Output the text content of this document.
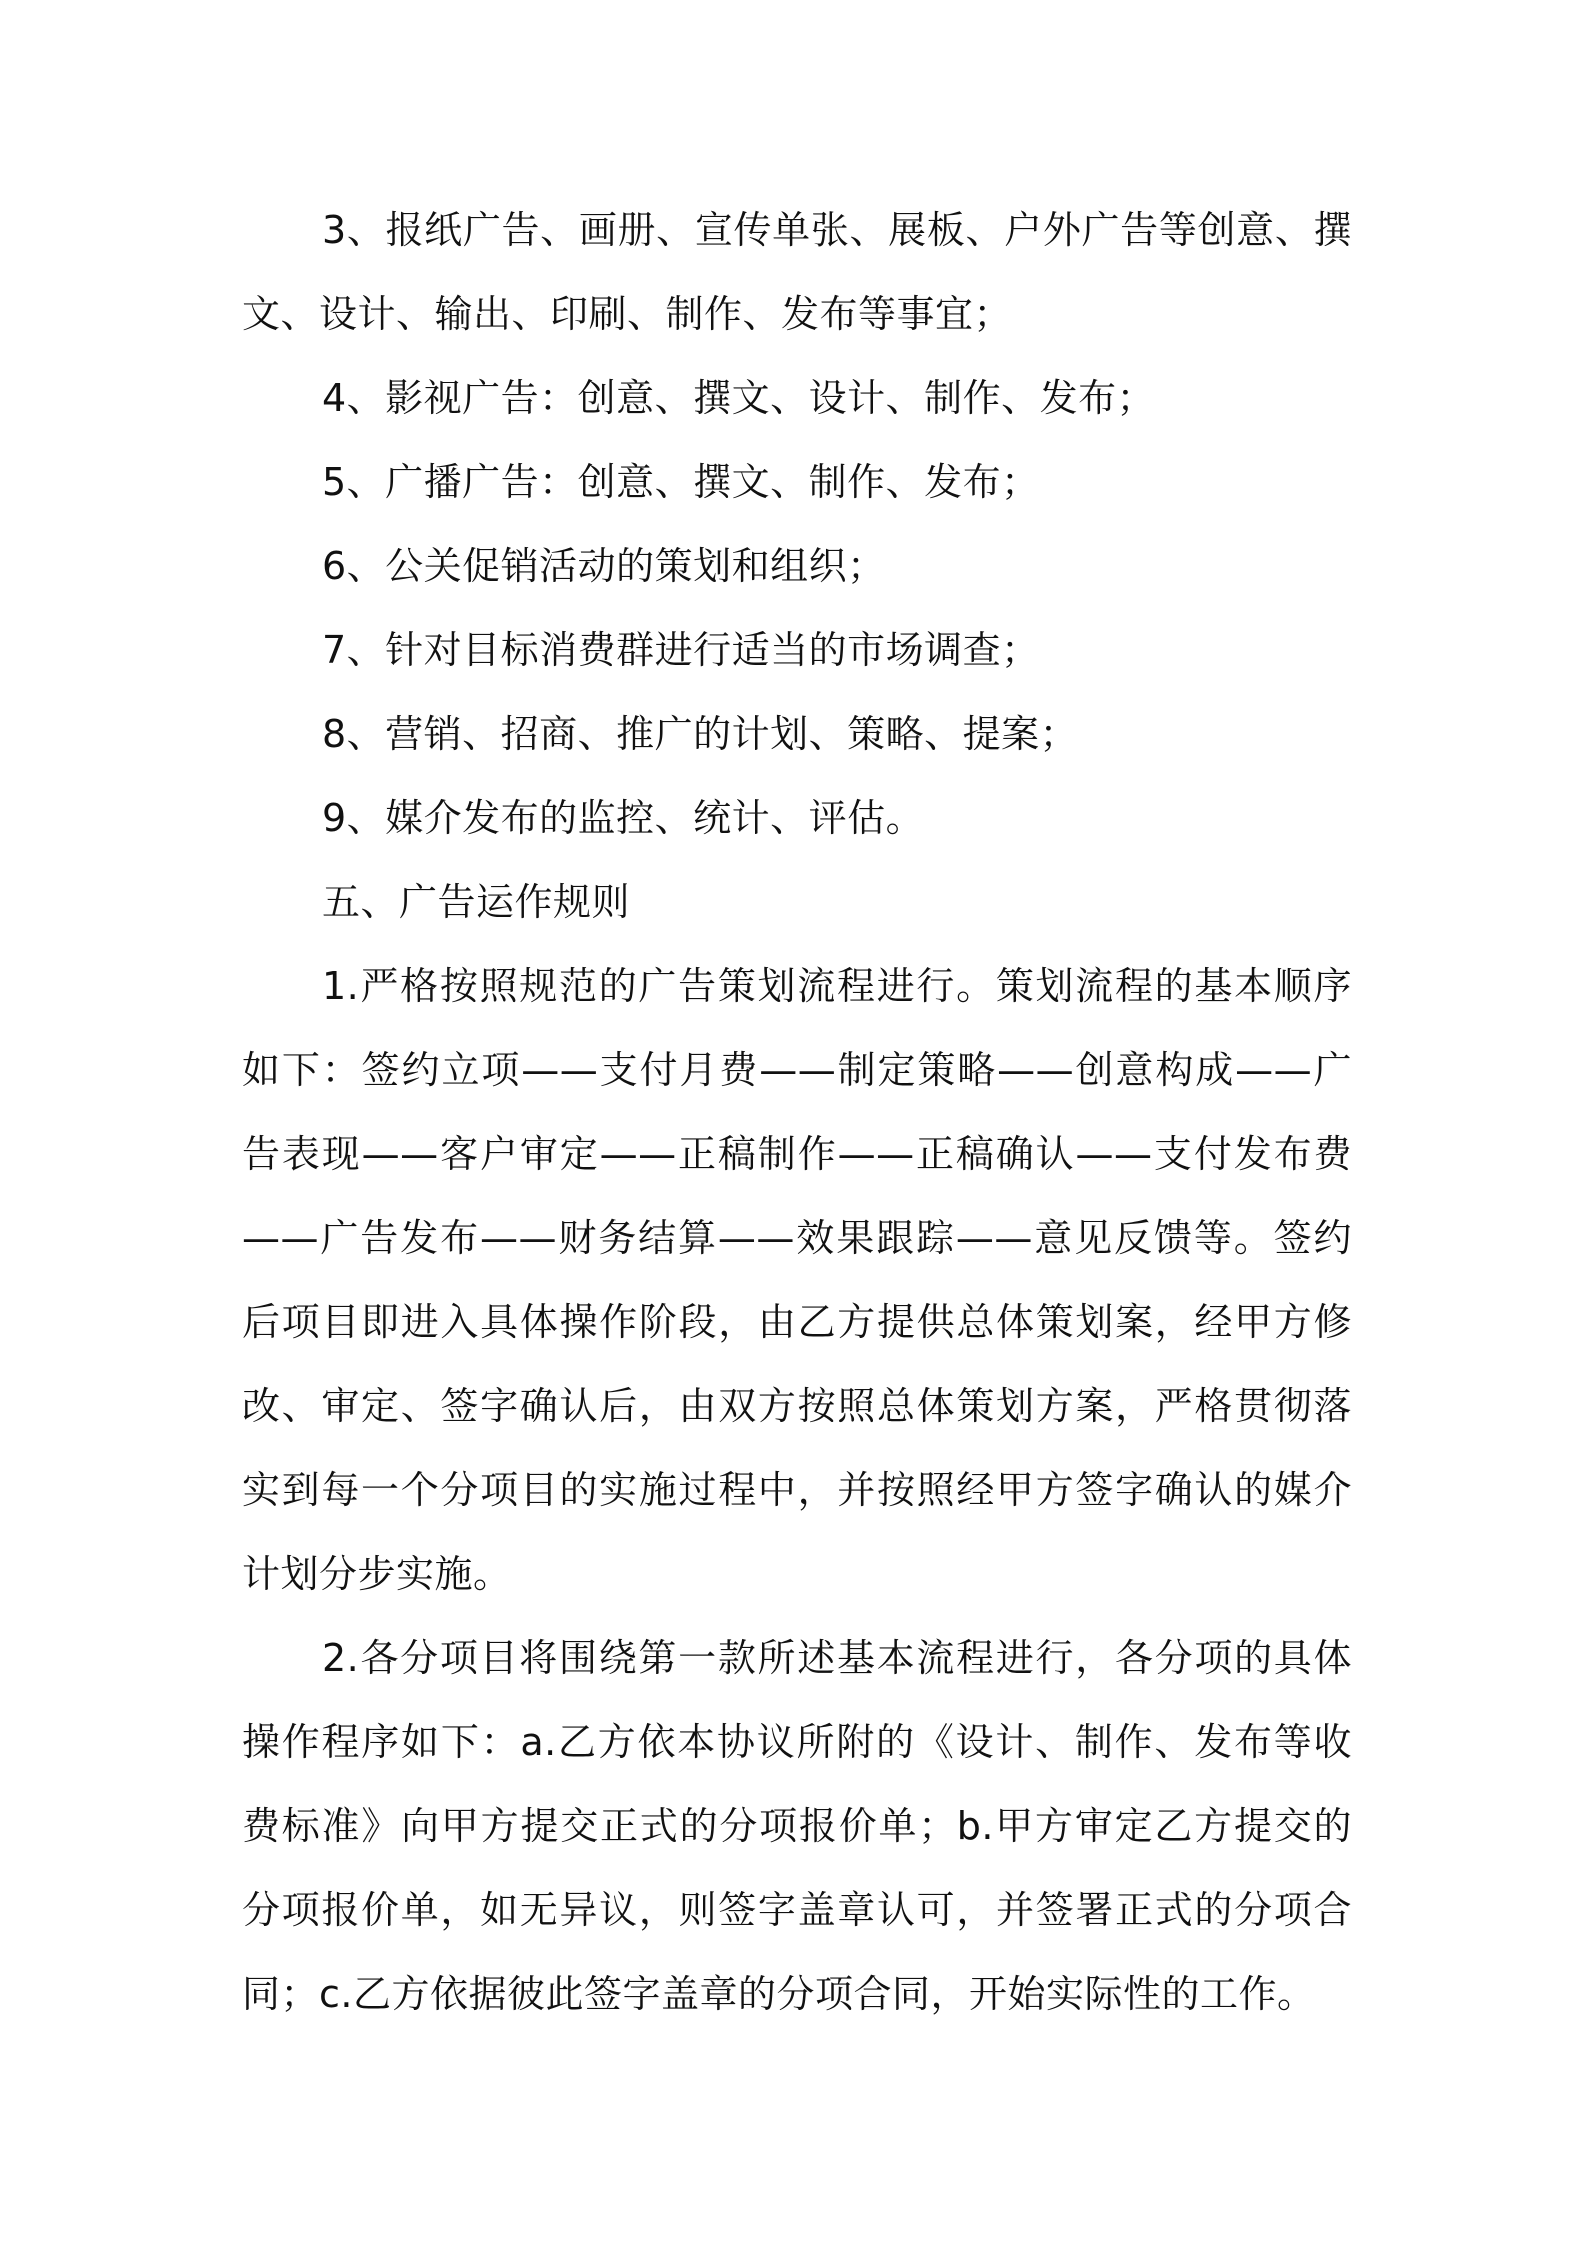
3、报纸广告、画册、宣传单张、展板、户外广告等创意、撰文、设计、输出、印刷、制作、发布等事宜；

4、影视广告：创意、撰文、设计、制作、发布；

5、广播广告：创意、撰文、制作、发布；

6、公关促销活动的策划和组织；

7、针对目标消费群进行适当的市场调查；

8、营销、招商、推广的计划、策略、提案；

9、媒介发布的监控、统计、评估。

五、广告运作规则

1.严格按照规范的广告策划流程进行。策划流程的基本顺序如下：签约立项——支付月费——制定策略——创意构成——广告表现——客户审定——正稿制作——正稿确认——支付发布费——广告发布——财务结算——效果跟踪——意见反馈等。签约后项目即进入具体操作阶段，由乙方提供总体策划案，经甲方修改、审定、签字确认后，由双方按照总体策划方案，严格贯彻落实到每一个分项目的实施过程中，并按照经甲方签字确认的媒介计划分步实施。

2.各分项目将围绕第一款所述基本流程进行，各分项的具体操作程序如下：a.乙方依本协议所附的《设计、制作、发布等收费标准》向甲方提交正式的分项报价单；b.甲方审定乙方提交的分项报价单，如无异议，则签字盖章认可，并签署正式的分项合同；c.乙方依据彼此签字盖章的分项合同，开始实际性的工作。
